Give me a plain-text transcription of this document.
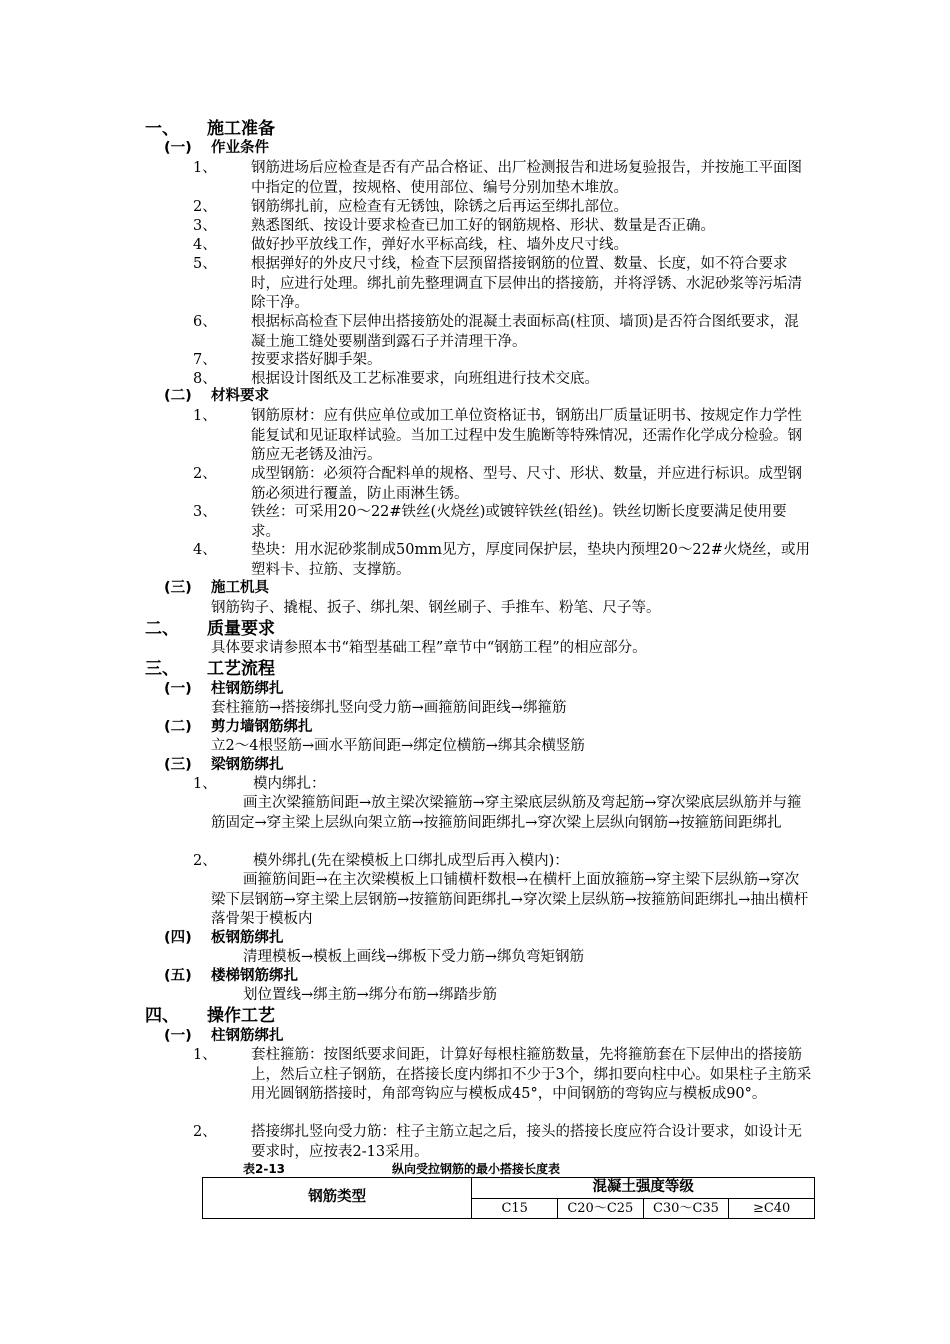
一、 施工准备
(一) 作业条件
1、 钢筋进场后应检查是否有产品合格证、出厂检测报告和进场复验报告，并按施工平面图中指定的位置，按规格、使用部位、编号分别加垫木堆放。
2、 钢筋绑扎前，应检查有无锈蚀，除锈之后再运至绑扎部位。
3、 熟悉图纸、按设计要求检查已加工好的钢筋规格、形状、数量是否正确。
4、 做好抄平放线工作，弹好水平标高线，柱、墙外皮尺寸线。
5、 根据弹好的外皮尺寸线，检查下层预留搭接钢筋的位置、数量、长度，如不符合要求时，应进行处理。绑扎前先整理调直下层伸出的搭接筋，并将浮锈、水泥砂浆等污垢清除干净。
6、 根据标高检查下层伸出搭接筋处的混凝土表面标高(柱顶、墙顶)是否符合图纸要求，混凝土施工缝处要剔凿到露石子并清理干净。
7、 按要求搭好脚手架。
8、 根据设计图纸及工艺标准要求，向班组进行技术交底。
(二) 材料要求
1、 钢筋原材：应有供应单位或加工单位资格证书，钢筋出厂质量证明书、按规定作力学性能复试和见证取样试验。当加工过程中发生脆断等特殊情况，还需作化学成分检验。钢筋应无老锈及油污。
2、 成型钢筋：必须符合配料单的规格、型号、尺寸、形状、数量，并应进行标识。成型钢筋必须进行覆盖，防止雨淋生锈。
3、 铁丝：可采用20～22#铁丝(火烧丝)或镀锌铁丝(铅丝)。铁丝切断长度要满足使用要求。
4、 垫块：用水泥砂浆制成50mm见方，厚度同保护层，垫块内预埋20～22#火烧丝，或用塑料卡、拉筋、支撑筋。
(三) 施工机具
钢筋钩子、撬棍、扳子、绑扎架、钢丝刷子、手推车、粉笔、尺子等。
二、 质量要求
具体要求请参照本书“箱型基础工程”章节中“钢筋工程”的相应部分。
三、 工艺流程
(一) 柱钢筋绑扎
套柱箍筋→搭接绑扎竖向受力筋→画箍筋间距线→绑箍筋
(二) 剪力墙钢筋绑扎
立2～4根竖筋→画水平筋间距→绑定位横筋→绑其余横竖筋
(三) 梁钢筋绑扎
1、	模内绑扎：
画主次梁箍筋间距→放主梁次梁箍筋→穿主梁底层纵筋及弯起筋→穿次梁底层纵筋并与箍筋固定→穿主梁上层纵向架立筋→按箍筋间距绑扎→穿次梁上层纵向钢筋→按箍筋间距绑扎
2、	模外绑扎(先在梁模板上口绑扎成型后再入模内)：
画箍筋间距→在主次梁模板上口铺横杆数根→在横杆上面放箍筋→穿主梁下层纵筋→穿次梁下层钢筋→穿主梁上层钢筋→按箍筋间距绑扎→穿次梁上层纵筋→按箍筋间距绑扎→抽出横杆落骨架于模板内
(四) 板钢筋绑扎
清理模板→模板上画线→绑板下受力筋→绑负弯矩钢筋
(五) 楼梯钢筋绑扎
划位置线→绑主筋→绑分布筋→绑踏步筋
四、 操作工艺
(一) 柱钢筋绑扎
1、 套柱箍筋：按图纸要求间距，计算好每根柱箍筋数量，先将箍筋套在下层伸出的搭接筋上，然后立柱子钢筋，在搭接长度内绑扣不少于3个，绑扣要向柱中心。如果柱子主筋采用光圆钢筋搭接时，角部弯钩应与模板成45°，中间钢筋的弯钩应与模板成90°。
2、 搭接绑扎竖向受力筋：柱子主筋立起之后，接头的搭接长度应符合设计要求，如设计无要求时，应按表2-13采用。
表2-13	纵向受拉钢筋的最小搭接长度表
钢筋类型	混凝土强度等级			
	C15	C20～C25	C30～C35	≥C40
